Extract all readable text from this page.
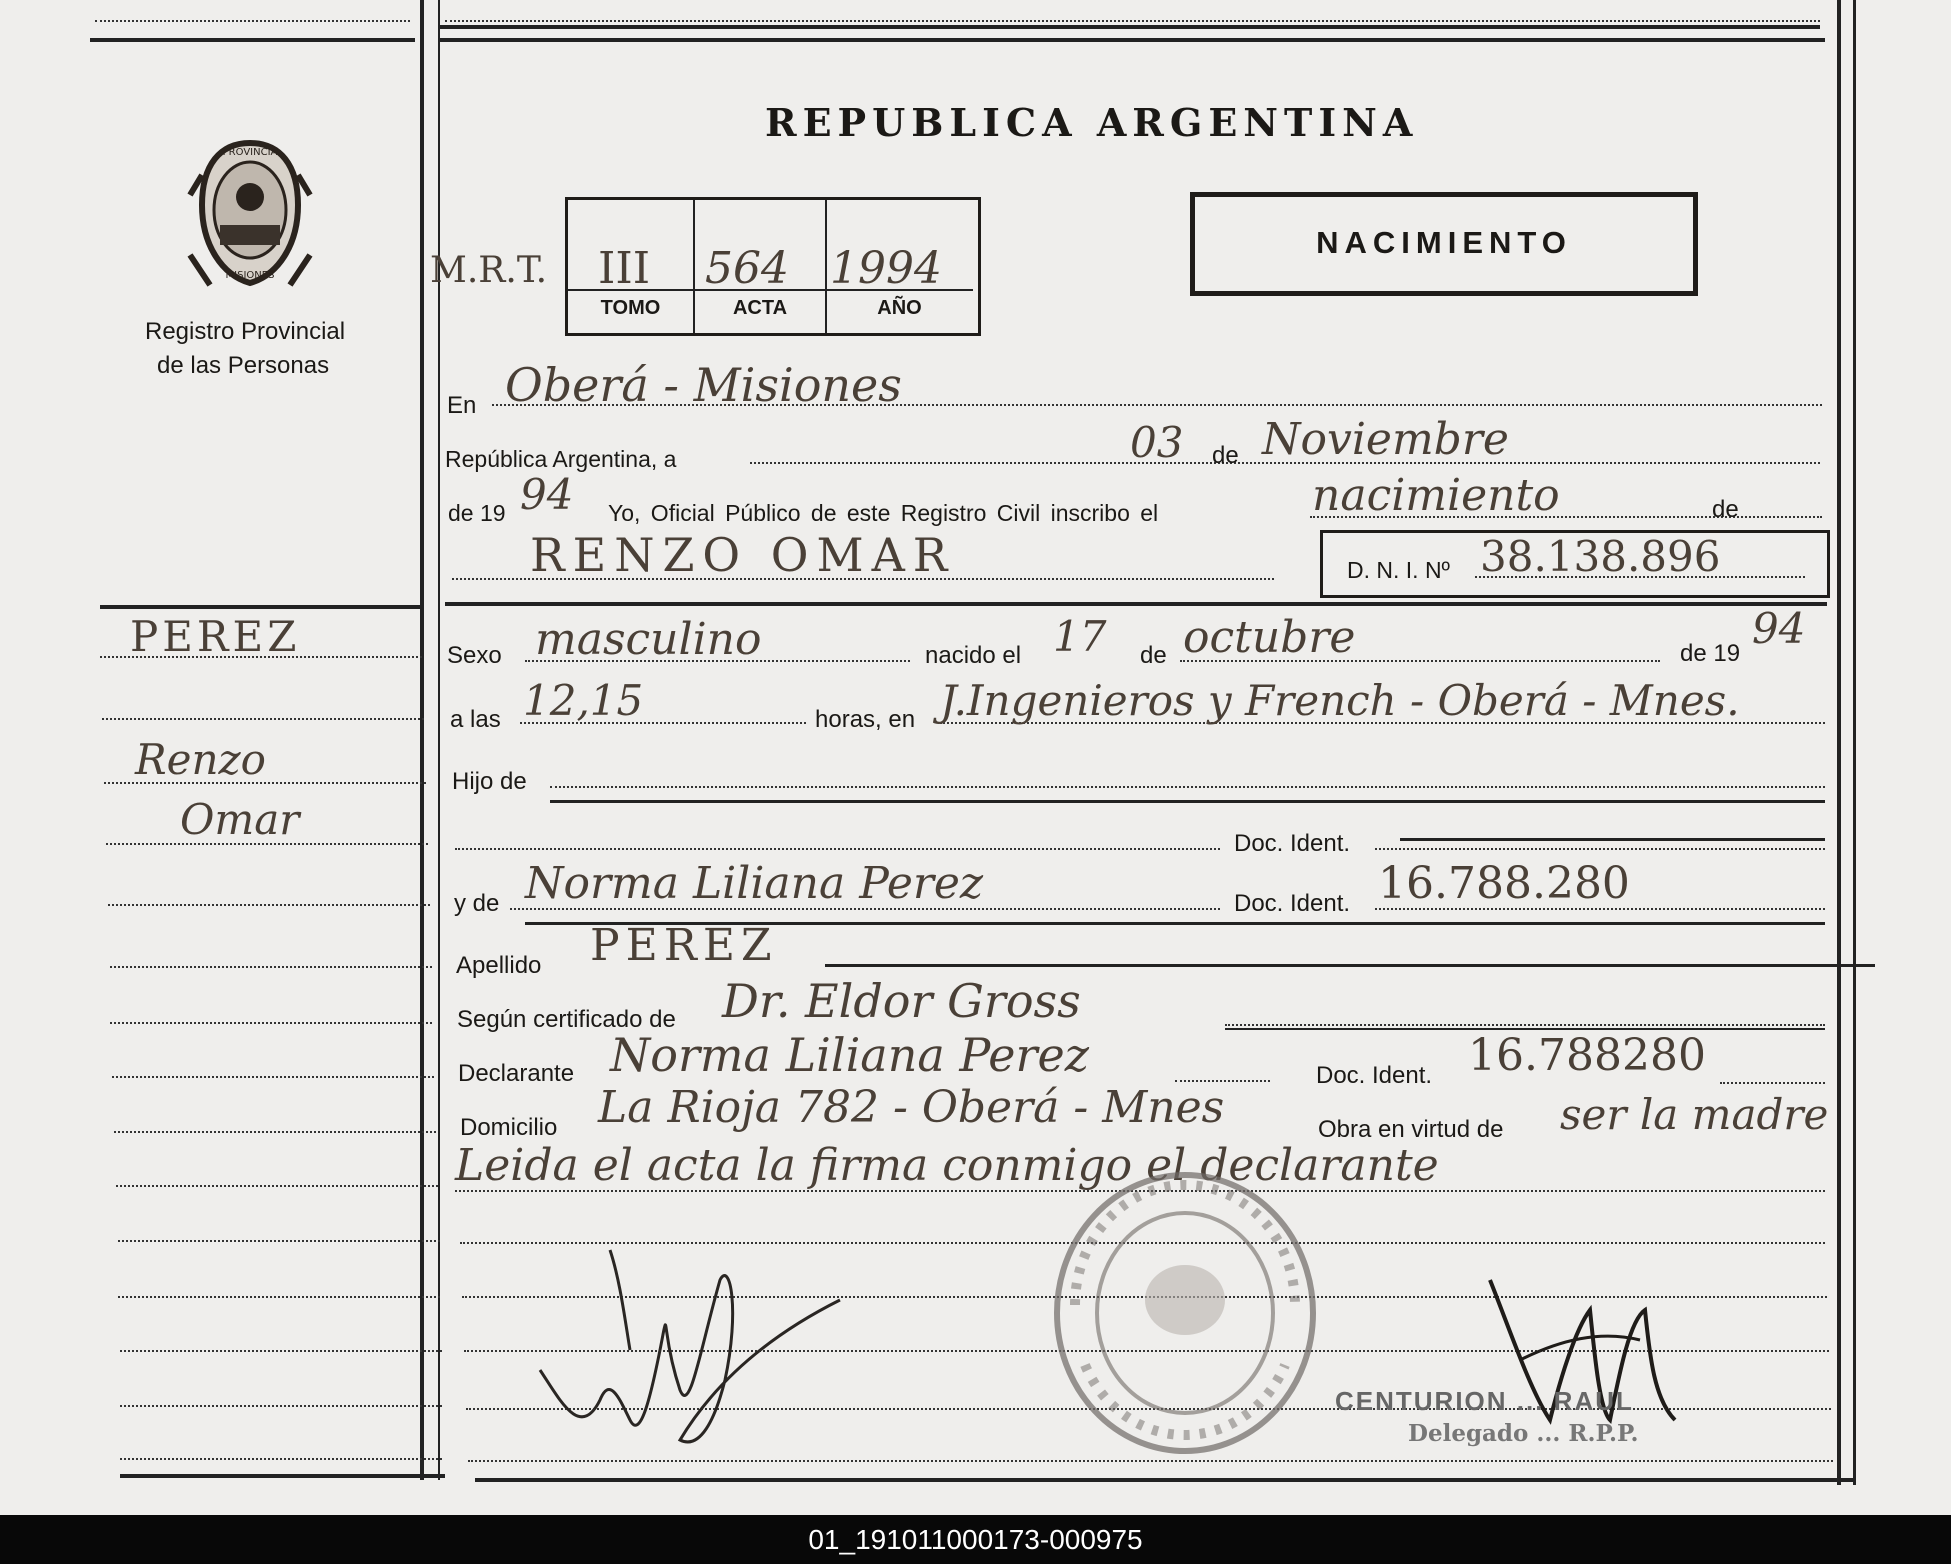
PROVINCIA
MISIONES
Registro Provincial
de las Personas
PEREZ
Renzo
Omar
REPUBLICA ARGENTINA
NACIMIENTO
M.R.T. III 564 1994
TOMO	ACTA	AÑO
En Oberá - Misiones
República Argentina, a	03 de Noviembre
de 19 94 Yo, Oficial Público de este Registro Civil inscribo el	nacimiento	de
RENZO OMAR	D. N. I. Nº 38.138.896
Sexo masculino	nacido el 17 de octubre	de 19
94
a las 12,15	horas, en J.Ingenieros y French - Oberá - Mnes.
Hijo de
Doc. Ident.
y de Norma Liliana Perez	Doc. Ident. 16.788.280
Apellido PEREZ
Según certificado de Dr. Eldor Gross
Declarante Norma Liliana Perez	Doc. Ident. 16.788280
Domicilio La Rioja 782 - Oberá - Mnes	Obra en virtud de ser la madre
Leida el acta la firma conmigo el declarante
CENTURION ... RAUL
Delegado ... R.P.P.
01_191011000173-000975
